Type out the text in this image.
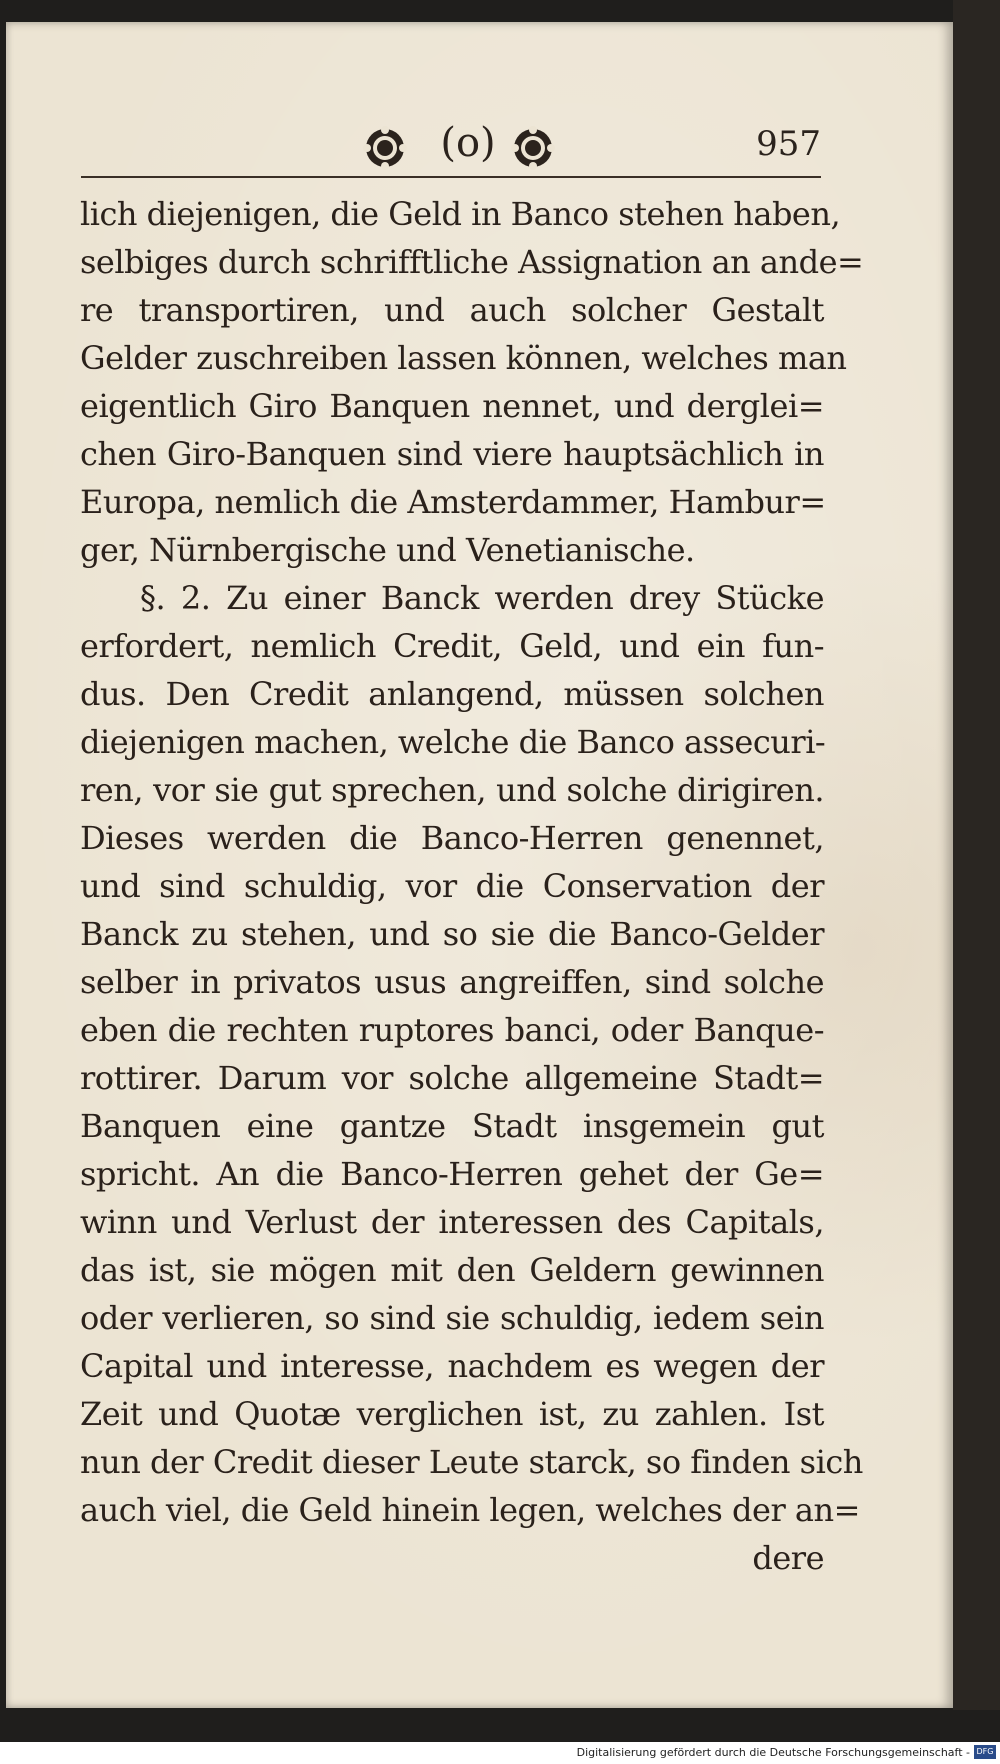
(o)	957
lich diejenigen, die Geld in Banco stehen haben,
selbiges durch schrifftliche Assignation an ande=
re transportiren, und auch solcher Gestalt
Gelder zuschreiben lassen können, welches man
eigentlich Giro Banquen nennet, und derglei=
chen Giro-Banquen sind viere hauptsächlich in
Europa, nemlich die Amsterdammer, Hambur=
ger, Nürnbergische und Venetianische.
§. 2. Zu einer Banck werden drey Stücke
erfordert, nemlich Credit, Geld, und ein fun-
dus. Den Credit anlangend, müssen solchen
diejenigen machen, welche die Banco assecuri-
ren, vor sie gut sprechen, und solche dirigiren.
Dieses werden die Banco-Herren genennet,
und sind schuldig, vor die Conservation der
Banck zu stehen, und so sie die Banco-Gelder
selber in privatos usus angreiffen, sind solche
eben die rechten ruptores banci, oder Banque-
rottirer. Darum vor solche allgemeine Stadt=
Banquen eine gantze Stadt insgemein gut
spricht. An die Banco-Herren gehet der Ge=
winn und Verlust der interessen des Capitals,
das ist, sie mögen mit den Geldern gewinnen
oder verlieren, so sind sie schuldig, iedem sein
Capital und interesse, nachdem es wegen der
Zeit und Quotæ verglichen ist, zu zahlen. Ist
nun der Credit dieser Leute starck, so finden sich
auch viel, die Geld hinein legen, welches der an=
dere
Digitalisierung gefördert durch die Deutsche Forschungsgemeinschaft - DFG
